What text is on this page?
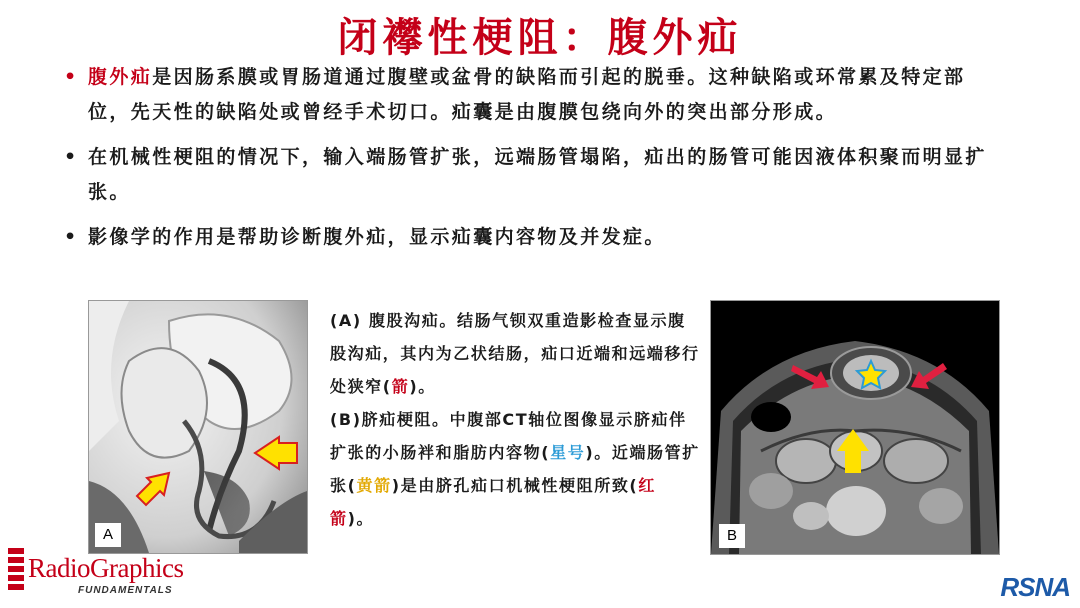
闭襻性梗阻：腹外疝
• 腹外疝是因肠系膜或胃肠道通过腹壁或盆骨的缺陷而引起的脱垂。这种缺陷或环常累及特定部位，先天性的缺陷处或曾经手术切口。疝囊是由腹膜包绕向外的突出部分形成。
• 在机械性梗阻的情况下，输入端肠管扩张，远端肠管塌陷，疝出的肠管可能因液体积聚而明显扩张。
• 影像学的作用是帮助诊断腹外疝，显示疝囊内容物及并发症。
A

(A) 腹股沟疝。结肠气钡双重造影检查显示腹股沟疝，其内为乙状结肠，疝口近端和远端移行处狭窄(箭)。

(B)脐疝梗阻。中腹部CT轴位图像显示脐疝伴扩张的小肠袢和脂肪内容物(星号)。近端肠管扩张(黄箭)是由脐孔疝口机械性梗阻所致(红箭)。

B
RadioGraphics
FUNDAMENTALS	RSNA
